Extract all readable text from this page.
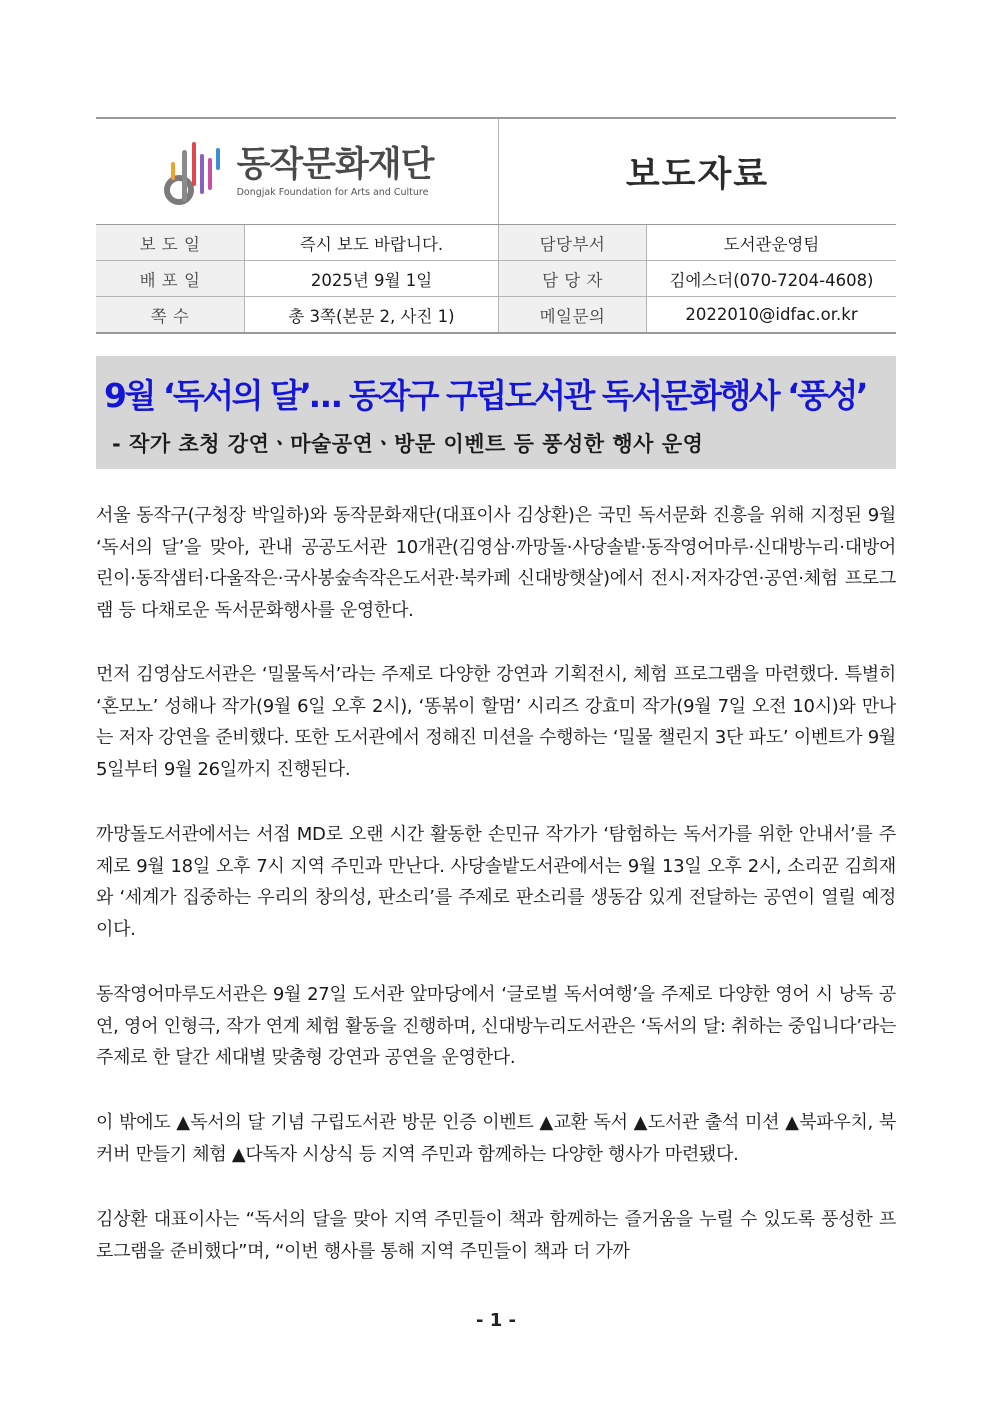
동작문화재단
Dongjak Foundation for Arts and Culture		보도자료	
보 도 일	즉시 보도 바랍니다.	담당부서	도서관운영팀
배 포 일	2025년 9월 1일	담 당 자	김에스더(070-7204-4608)
쪽 수	총 3쪽(본문 2, 사진 1)	메일문의	2022010@idfac.or.kr
9월 ‘독서의 달’… 동작구 구립도서관 독서문화행사 ‘풍성’
- 작가 초청 강연ㆍ마술공연ㆍ방문 이벤트 등 풍성한 행사 운영

서울 동작구(구청장 박일하)와 동작문화재단(대표이사 김상환)은 국민 독서문화 진흥을 위해 지정된 9월 ‘독서의 달’을 맞아, 관내 공공도서관 10개관(김영삼·까망돌·사당솔밭·동작영어마루·신대방누리·대방어린이·동작샘터·다울작은·국사봉숲속작은도서관·북카페 신대방햇살)에서 전시·저자강연·공연·체험 프로그램 등 다채로운 독서문화행사를 운영한다.

먼저 김영삼도서관은 ‘밀물독서’라는 주제로 다양한 강연과 기획전시, 체험 프로그램을 마련했다. 특별히 ‘혼모노’ 성해나 작가(9월 6일 오후 2시), ‘똥볶이 할멈’ 시리즈 강효미 작가(9월 7일 오전 10시)와 만나는 저자 강연을 준비했다. 또한 도서관에서 정해진 미션을 수행하는 ‘밀물 챌린지 3단 파도’ 이벤트가 9월 5일부터 9월 26일까지 진행된다.

까망돌도서관에서는 서점 MD로 오랜 시간 활동한 손민규 작가가 ‘탐험하는 독서가를 위한 안내서’를 주제로 9월 18일 오후 7시 지역 주민과 만난다. 사당솔밭도서관에서는 9월 13일 오후 2시, 소리꾼 김희재와 ‘세계가 집중하는 우리의 창의성, 판소리’를 주제로 판소리를 생동감 있게 전달하는 공연이 열릴 예정이다.

동작영어마루도서관은 9월 27일 도서관 앞마당에서 ‘글로벌 독서여행’을 주제로 다양한 영어 시 낭독 공연, 영어 인형극, 작가 연계 체험 활동을 진행하며, 신대방누리도서관은 ‘독서의 달: 취하는 중입니다’라는 주제로 한 달간 세대별 맞춤형 강연과 공연을 운영한다.

이 밖에도 ▲독서의 달 기념 구립도서관 방문 인증 이벤트 ▲교환 독서 ▲도서관 출석 미션 ▲북파우치, 북커버 만들기 체험 ▲다독자 시상식 등 지역 주민과 함께하는 다양한 행사가 마련됐다.

김상환 대표이사는 “독서의 달을 맞아 지역 주민들이 책과 함께하는 즐거움을 누릴 수 있도록 풍성한 프로그램을 준비했다”며, “이번 행사를 통해 지역 주민들이 책과 더 가까

- 1 -
